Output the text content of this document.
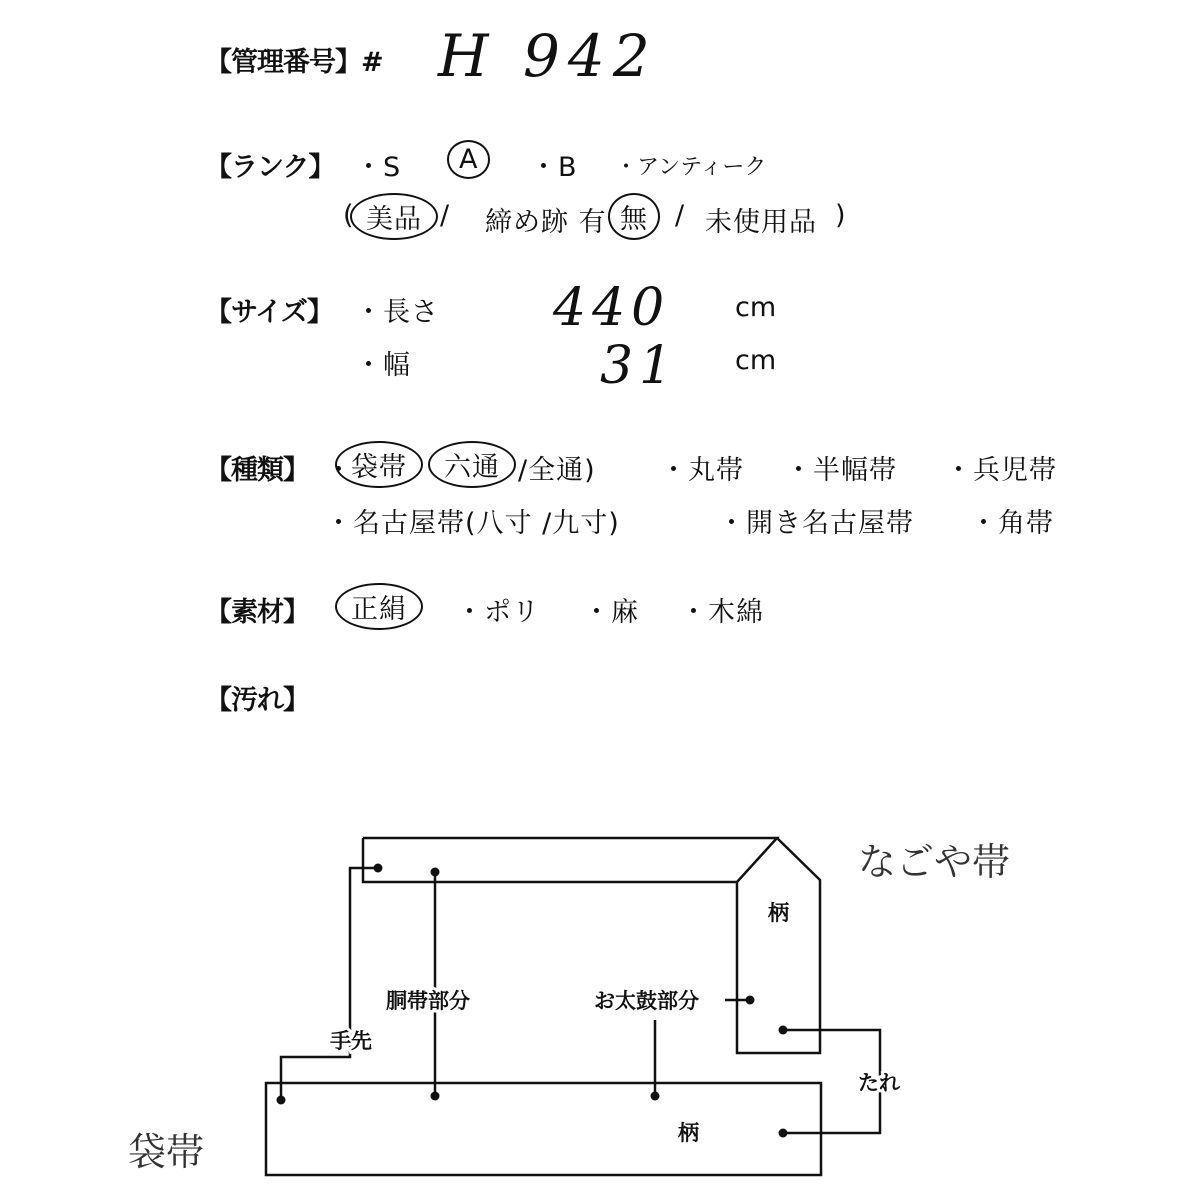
【管理番号】# H 942
【ランク】 ・S	A	・B ・アンティーク
( 美品 / 締め跡 有 無	/ 未使用品 )
【サイズ】 ・長さ 440 cm
・幅	31 cm
【種類】 ・
袋帯	六通 /全通) ・丸帯 ・半幅帯 ・兵児帯
・名古屋帯(八寸 /九寸)	・開き名古屋帯 ・角帯
【素材】	正絹	・ポリ ・麻 ・木綿
【汚れ】
柄
胴帯部分	お太鼓部分
手先
たれ
柄
なごや帯
袋帯
